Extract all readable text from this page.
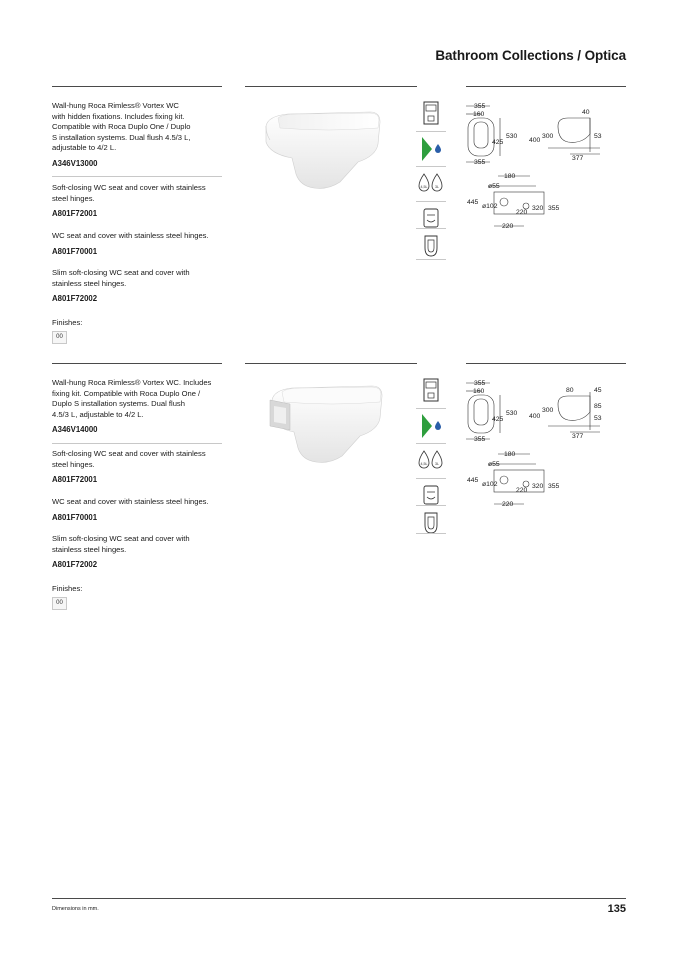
Bathroom Collections / Optica
Wall-hung Roca Rimless® Vortex WC
with hidden fixations. Includes fixing kit.
Compatible with Roca Duplo One / Duplo
S installation systems. Dual flush 4.5/3 L,
adjustable to 4/2 L.
A346V13000
Soft-closing WC seat and cover with stainless
steel hinges.
A801F72001
WC seat and cover with stainless steel hinges.
A801F70001
Slim soft-closing WC seat and cover with
stainless steel hinges.
A801F72002
Finishes:
00
4,5L 3L
355
160
425
530
355
40
300
400
53
377
180
ø55
445
ø102
220
320 355
220
Wall-hung Roca Rimless® Vortex WC. Includes
fixing kit. Compatible with Roca Duplo One /
Duplo S installation systems. Dual flush
4.5/3 L, adjustable to 4/2 L.
A346V14000
Soft-closing WC seat and cover with stainless
steel hinges.
A801F72001
WC seat and cover with stainless steel hinges.
A801F70001
Slim soft-closing WC seat and cover with
stainless steel hinges.
A801F72002
Finishes:
00
4,5L 3L
355
160
425
530
355
80	45
300
85
400	53
377
180
ø55
445
ø102
220
320 355
220
Dimensions in mm.	135
